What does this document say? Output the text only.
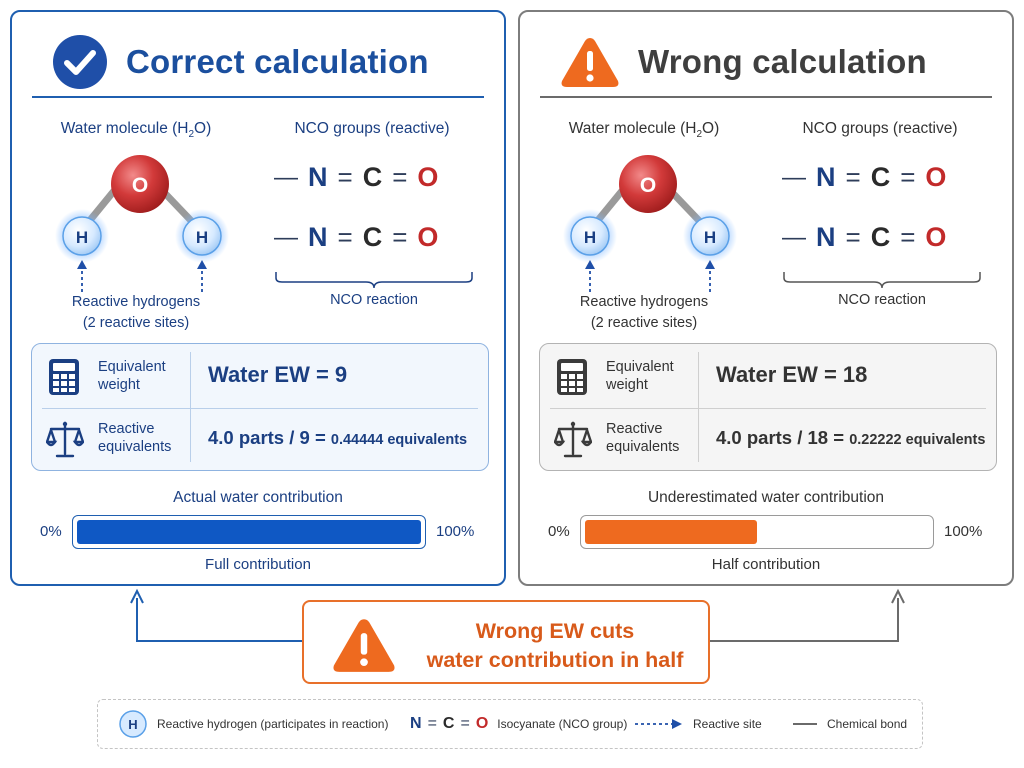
Correct calculation
Water molecule $(H_2O)$	NCO groups (reactive)
O
H	H
— N = C = O
— N = C = O
NCO reaction
Reactive hydrogens
(2 reactive sites)
Equivalent
weight	Water EW = 9
Reactive
equivalents 4.0 parts / 9 = 0.44444 equivalents
Actual water contribution
0%	100%
Full contribution
Wrong calculation
Water molecule $(H_2O)$	NCO groups (reactive)
O
H	H
— N = C = O
— N = C = O
NCO reaction
Reactive hydrogens
(2 reactive sites)
Equivalent
weight	Water EW = 18
Reactive
equivalents 4.0 parts / 18 = 0.22222 equivalents
Underestimated water contribution
0%	100%
Half contribution
Wrong EW cuts
water contribution in half
H Reactive hydrogen (participates in reaction) N = C = O Isocyanate (NCO group)	Reactive site	Chemical bond
